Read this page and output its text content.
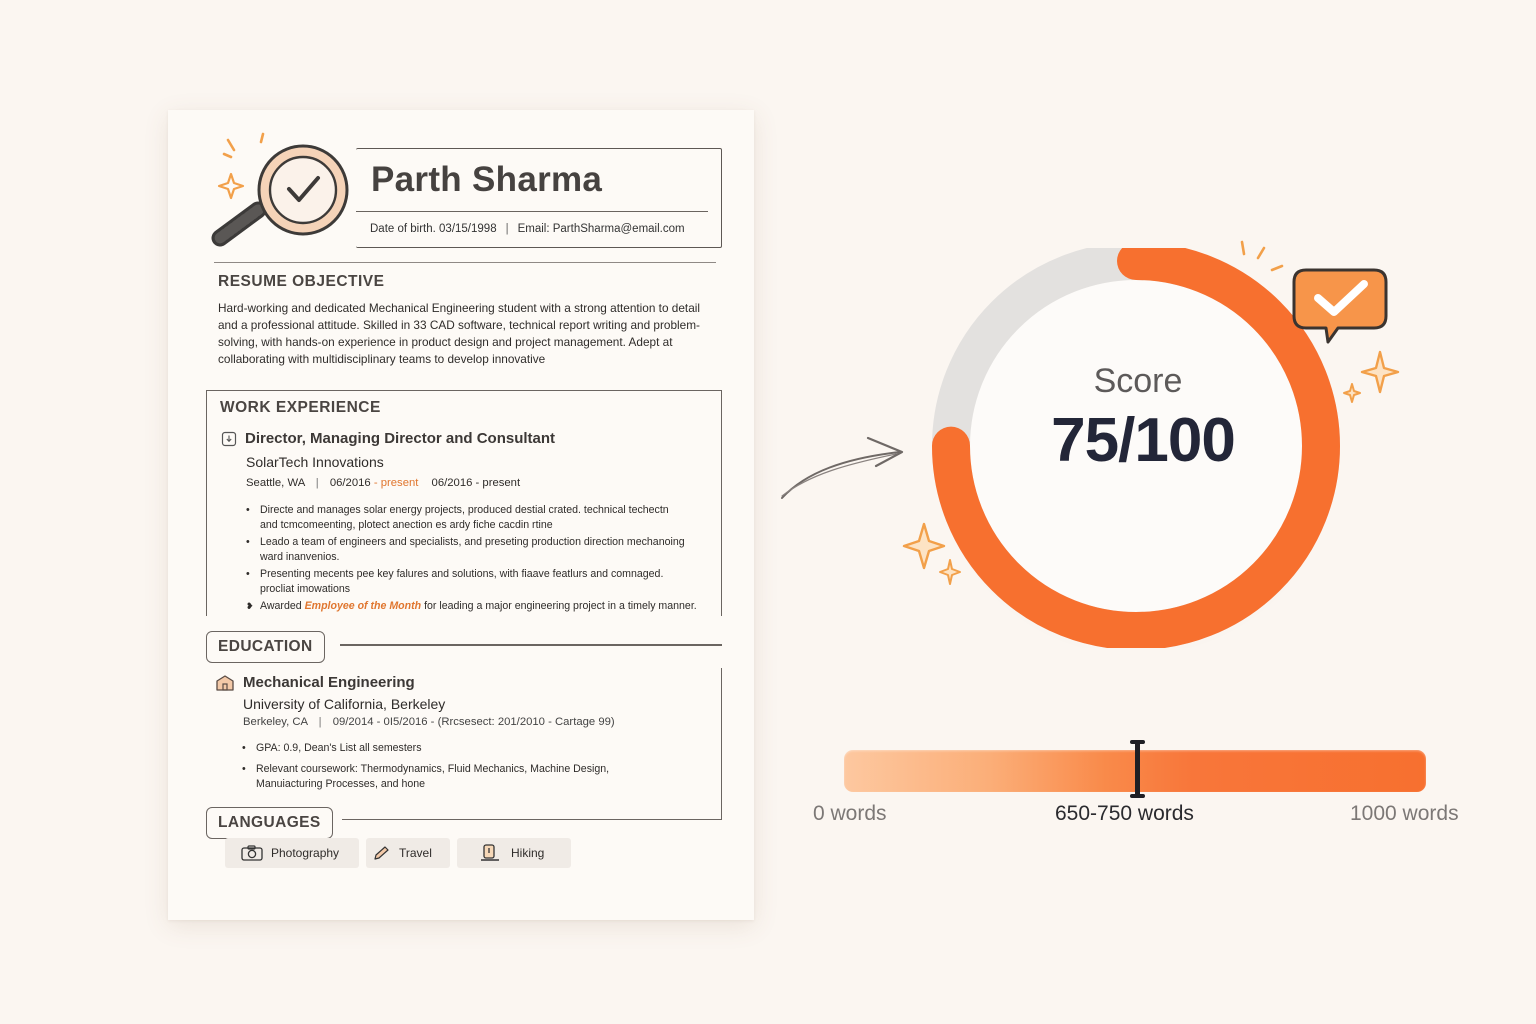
Parth Sharma
Date of birth. 03/15/1998 | Email: ParthSharma@email.com
RESUME OBJECTIVE
Hard-working and dedicated Mechanical Engineering student with a strong attention to detail and a professional attitude. Skilled in 33 CAD software, technical report writing and problem-solving, with hands-on experience in product design and project management. Adept at collaborating with multidisciplinary teams to develop innovative
WORK EXPERIENCE
Director, Managing Director and Consultant
SolarTech Innovations
Seattle, WA | 06/2016 - present 06/2016 - present
• Directe and manages solar energy projects, produced destial crated. technical techectn and tcmcomeenting, plotect anection es ardy fiche cacdin rtine
• Leado a team of engineers and specialists, and preseting production direction mechanoing ward inanvenios.
• Presenting mecents pee key falures and solutions, with fiaave featlurs and comnaged. procliat imowations
❥ Awarded Employee of the Month for leading a major engineering project in a timely manner.
EDUCATION
Mechanical Engineering
University of California, Berkeley
Berkeley, CA | 09/2014 - 0I5/2016 - (Rrcsesect: 201/2010 - Cartage 99)
• GPA: 0.9, Dean's List all semesters
• Relevant coursework: Thermodynamics, Fluid Mechanics, Machine Design, Manuiacturing Processes, and hone
LANGUAGES
Photography	Travel	Hiking
Score
75/100
0 words	650-750 words	1000 words
